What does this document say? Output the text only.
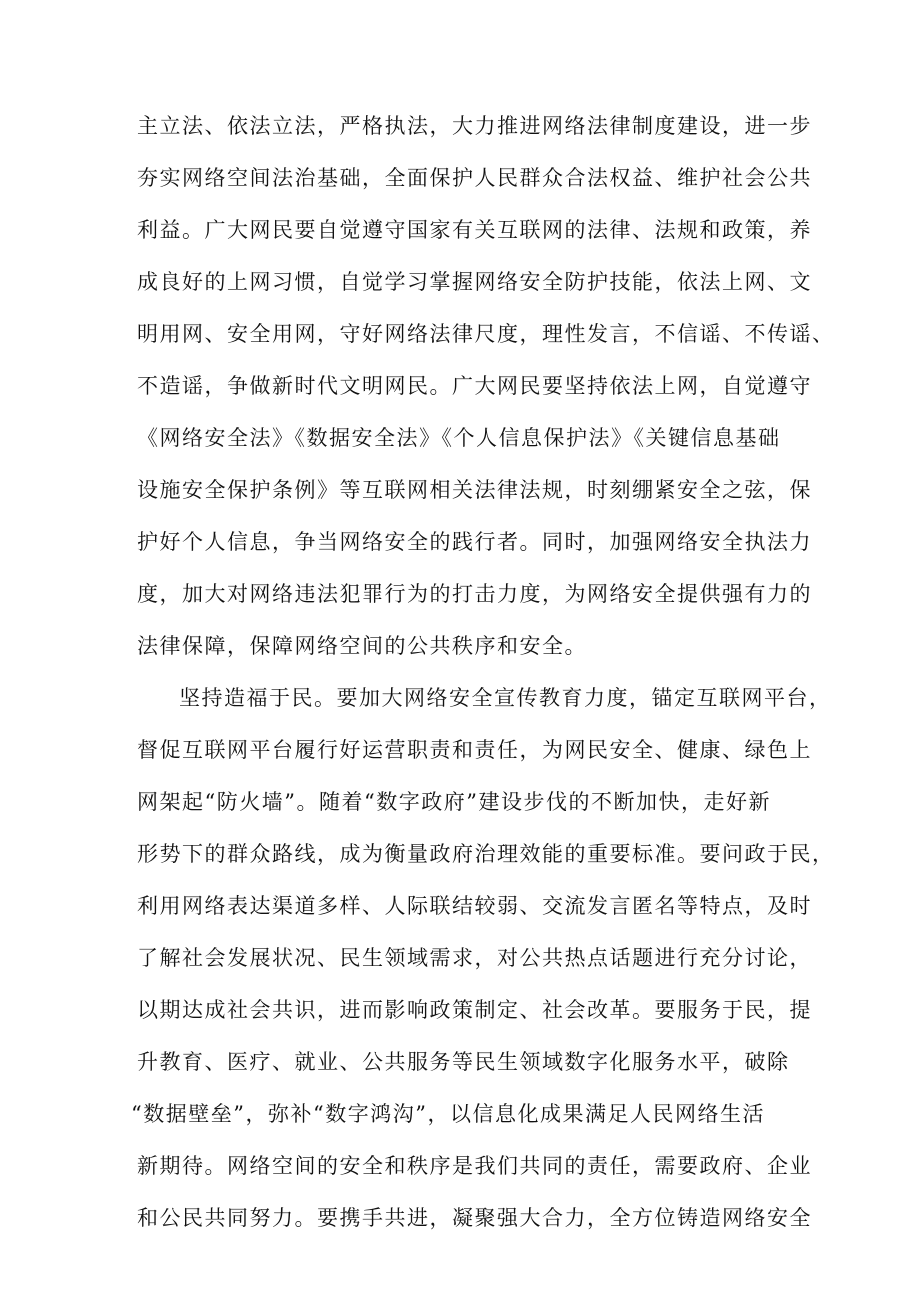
主立法、依法立法，严格执法，大力推进网络法律制度建设，进一步
夯实网络空间法治基础，全面保护人民群众合法权益、维护社会公共
利益。广大网民要自觉遵守国家有关互联网的法律、法规和政策，养
成良好的上网习惯，自觉学习掌握网络安全防护技能，依法上网、文
明用网、安全用网，守好网络法律尺度，理性发言，不信谣、不传谣、
不造谣，争做新时代文明网民。广大网民要坚持依法上网，自觉遵守
《网络安全法》《数据安全法》《个人信息保护法》《关键信息基础
设施安全保护条例》等互联网相关法律法规，时刻绷紧安全之弦，保
护好个人信息，争当网络安全的践行者。同时，加强网络安全执法力
度，加大对网络违法犯罪行为的打击力度，为网络安全提供强有力的
法律保障，保障网络空间的公共秩序和安全。
坚持造福于民。要加大网络安全宣传教育力度，锚定互联网平台，
督促互联网平台履行好运营职责和责任，为网民安全、健康、绿色上
网架起“防火墙”。随着“数字政府”建设步伐的不断加快，走好新
形势下的群众路线，成为衡量政府治理效能的重要标准。要问政于民，
利用网络表达渠道多样、人际联结较弱、交流发言匿名等特点，及时
了解社会发展状况、民生领域需求，对公共热点话题进行充分讨论，
以期达成社会共识，进而影响政策制定、社会改革。要服务于民，提
升教育、医疗、就业、公共服务等民生领域数字化服务水平，破除
“数据壁垒”，弥补“数字鸿沟”，以信息化成果满足人民网络生活
新期待。网络空间的安全和秩序是我们共同的责任，需要政府、企业
和公民共同努力。要携手共进，凝聚强大合力，全方位铸造网络安全
